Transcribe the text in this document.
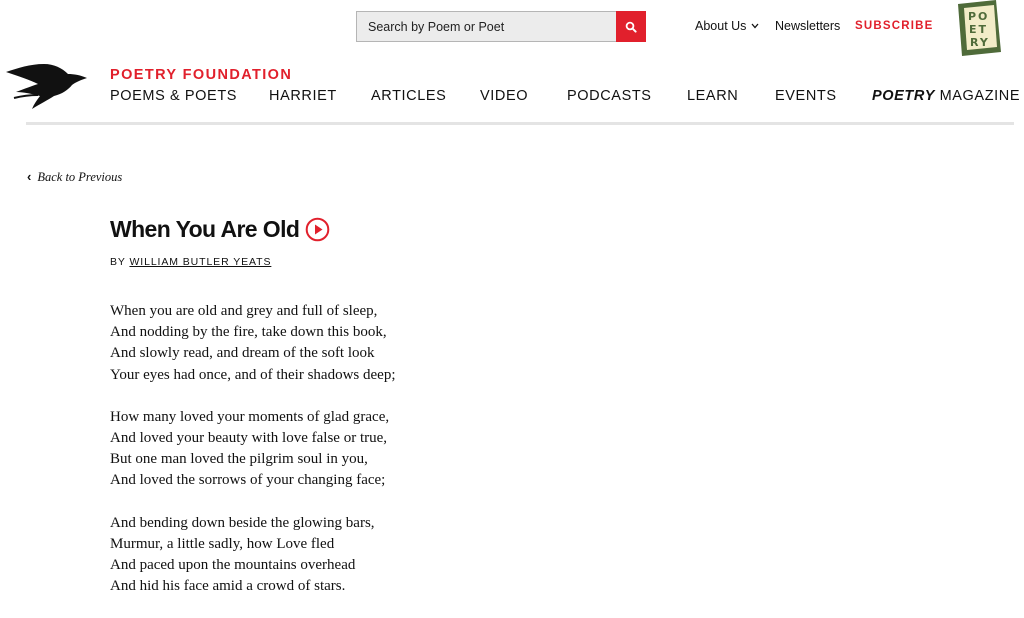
Search by Poem or Poet
About Us	Newsletters SUBSCRIBE
PO
ET
RY
POETRY FOUNDATION
POEMS & POETS HARRIET ARTICLES VIDEO	PODCASTS LEARN	EVENTS POETRY MAGAZINE
‹ Back to Previous
When You Are Old
BY WILLIAM BUTLER YEATS
When you are old and grey and full of sleep,
And nodding by the fire, take down this book,
And slowly read, and dream of the soft look
Your eyes had once, and of their shadows deep;
How many loved your moments of glad grace,
And loved your beauty with love false or true,
But one man loved the pilgrim soul in you,
And loved the sorrows of your changing face;
And bending down beside the glowing bars,
Murmur, a little sadly, how Love fled
And paced upon the mountains overhead
And hid his face amid a crowd of stars.
